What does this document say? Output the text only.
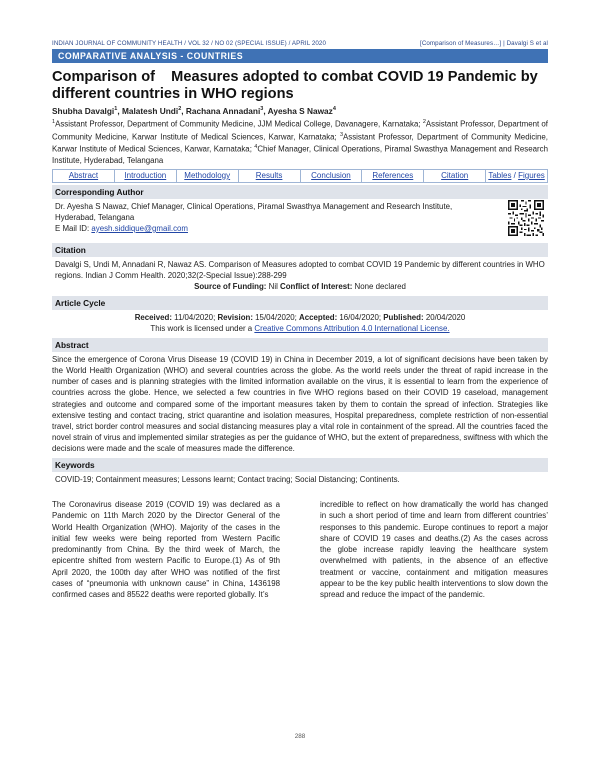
INDIAN JOURNAL OF COMMUNITY HEALTH / VOL 32 / NO 02 (SPECIAL ISSUE) / APRIL 2020	[Comparison of Measures…] | Davalgi S et al
COMPARATIVE ANALYSIS - COUNTRIES
Comparison of    Measures adopted to combat COVID 19 Pandemic by different countries in WHO regions
Shubha Davalgi$^1$, Malatesh Undi$^2$, Rachana Annadani$^3$, Ayesha S Nawaz$^4$
$^1$Assistant Professor, Department of Community Medicine, JJM Medical College, Davanagere, Karnataka; $^2$Assistant Professor, Department of Community Medicine, Karwar Institute of Medical Sciences, Karwar, Karnataka; $^3$Assistant Professor, Department of Community Medicine, Karwar Institute of Medical Sciences, Karwar, Karnataka; $^4$Chief Manager, Clinical Operations, Piramal Swasthya Management and Research Institute, Hyderabad, Telangana
Abstract	Introduction	Methodology	Results	Conclusion	References	Citation	Tables / Figures
Corresponding Author
Dr. Ayesha S Nawaz, Chief Manager, Clinical Operations, Piramal Swasthya Management and Research Institute, Hyderabad, Telangana
E Mail ID: ayesh.siddique@gmail.com
Citation
Davalgi S, Undi M, Annadani R, Nawaz AS. Comparison of Measures adopted to combat COVID 19 Pandemic by different countries in WHO regions. Indian J Comm Health. 2020;32(2-Special Issue):288-299
Source of Funding: Nil Conflict of Interest: None declared
Article Cycle
Received: 11/04/2020; Revision: 15/04/2020; Accepted: 16/04/2020; Published: 20/04/2020
This work is licensed under a Creative Commons Attribution 4.0 International License.
Abstract
Since the emergence of Corona Virus Disease 19 (COVID 19) in China in December 2019, a lot of significant decisions have been taken by the World Health Organization (WHO) and several countries across the globe. As the world reels under the threat of rapid increase in the number of cases and is planning strategies with the limited information available on the virus, it is essential to learn from the experience of countries across the globe. Hence, we selected a few countries in five WHO regions based on their COVID 19 caseload, management strategies and outcome and compared some of the important measures taken by them to contain the spread of infection. Strategies like extensive testing and contact tracing, strict quarantine and isolation measures, Hospital preparedness, complete restriction of non-essential travel, strict border control measures and social distancing measures play a vital role in containment of the spread. All the countries faced the novel strain of virus and implemented similar strategies as per the guidance of WHO, but the extent of preparedness, swiftness with which the decisions were made and the scale of measures made the difference.
Keywords
COVID-19; Containment measures; Lessons learnt; Contact tracing; Social Distancing; Continents.
The Coronavirus disease 2019 (COVID 19) was declared as a Pandemic on 11th March 2020 by the Director General of the World Health Organization (WHO). Majority of the cases in the initial few weeks were being reported from Western Pacific predominantly from China. By the third week of March, the epicentre shifted from western Pacific to Europe.(1) As of 9th April 2020, the 100th day after WHO was notified of the first cases of “pneumonia with unknown cause” in China, 1436198 confirmed cases and 85522 deaths were reported globally. It’s
incredible to reflect on how dramatically the world has changed in such a short period of time and learn from different countries’ responses to this pandemic. Europe continues to report a major share of COVID 19 cases and deaths.(2) As the cases across the globe increase rapidly leaving the healthcare system overwhelmed with patients, in the absence of an effective treatment or vaccine, containment and mitigation measures appear to be the key public health interventions to slow down the spread and reduce the impact of the pandemic.
288
